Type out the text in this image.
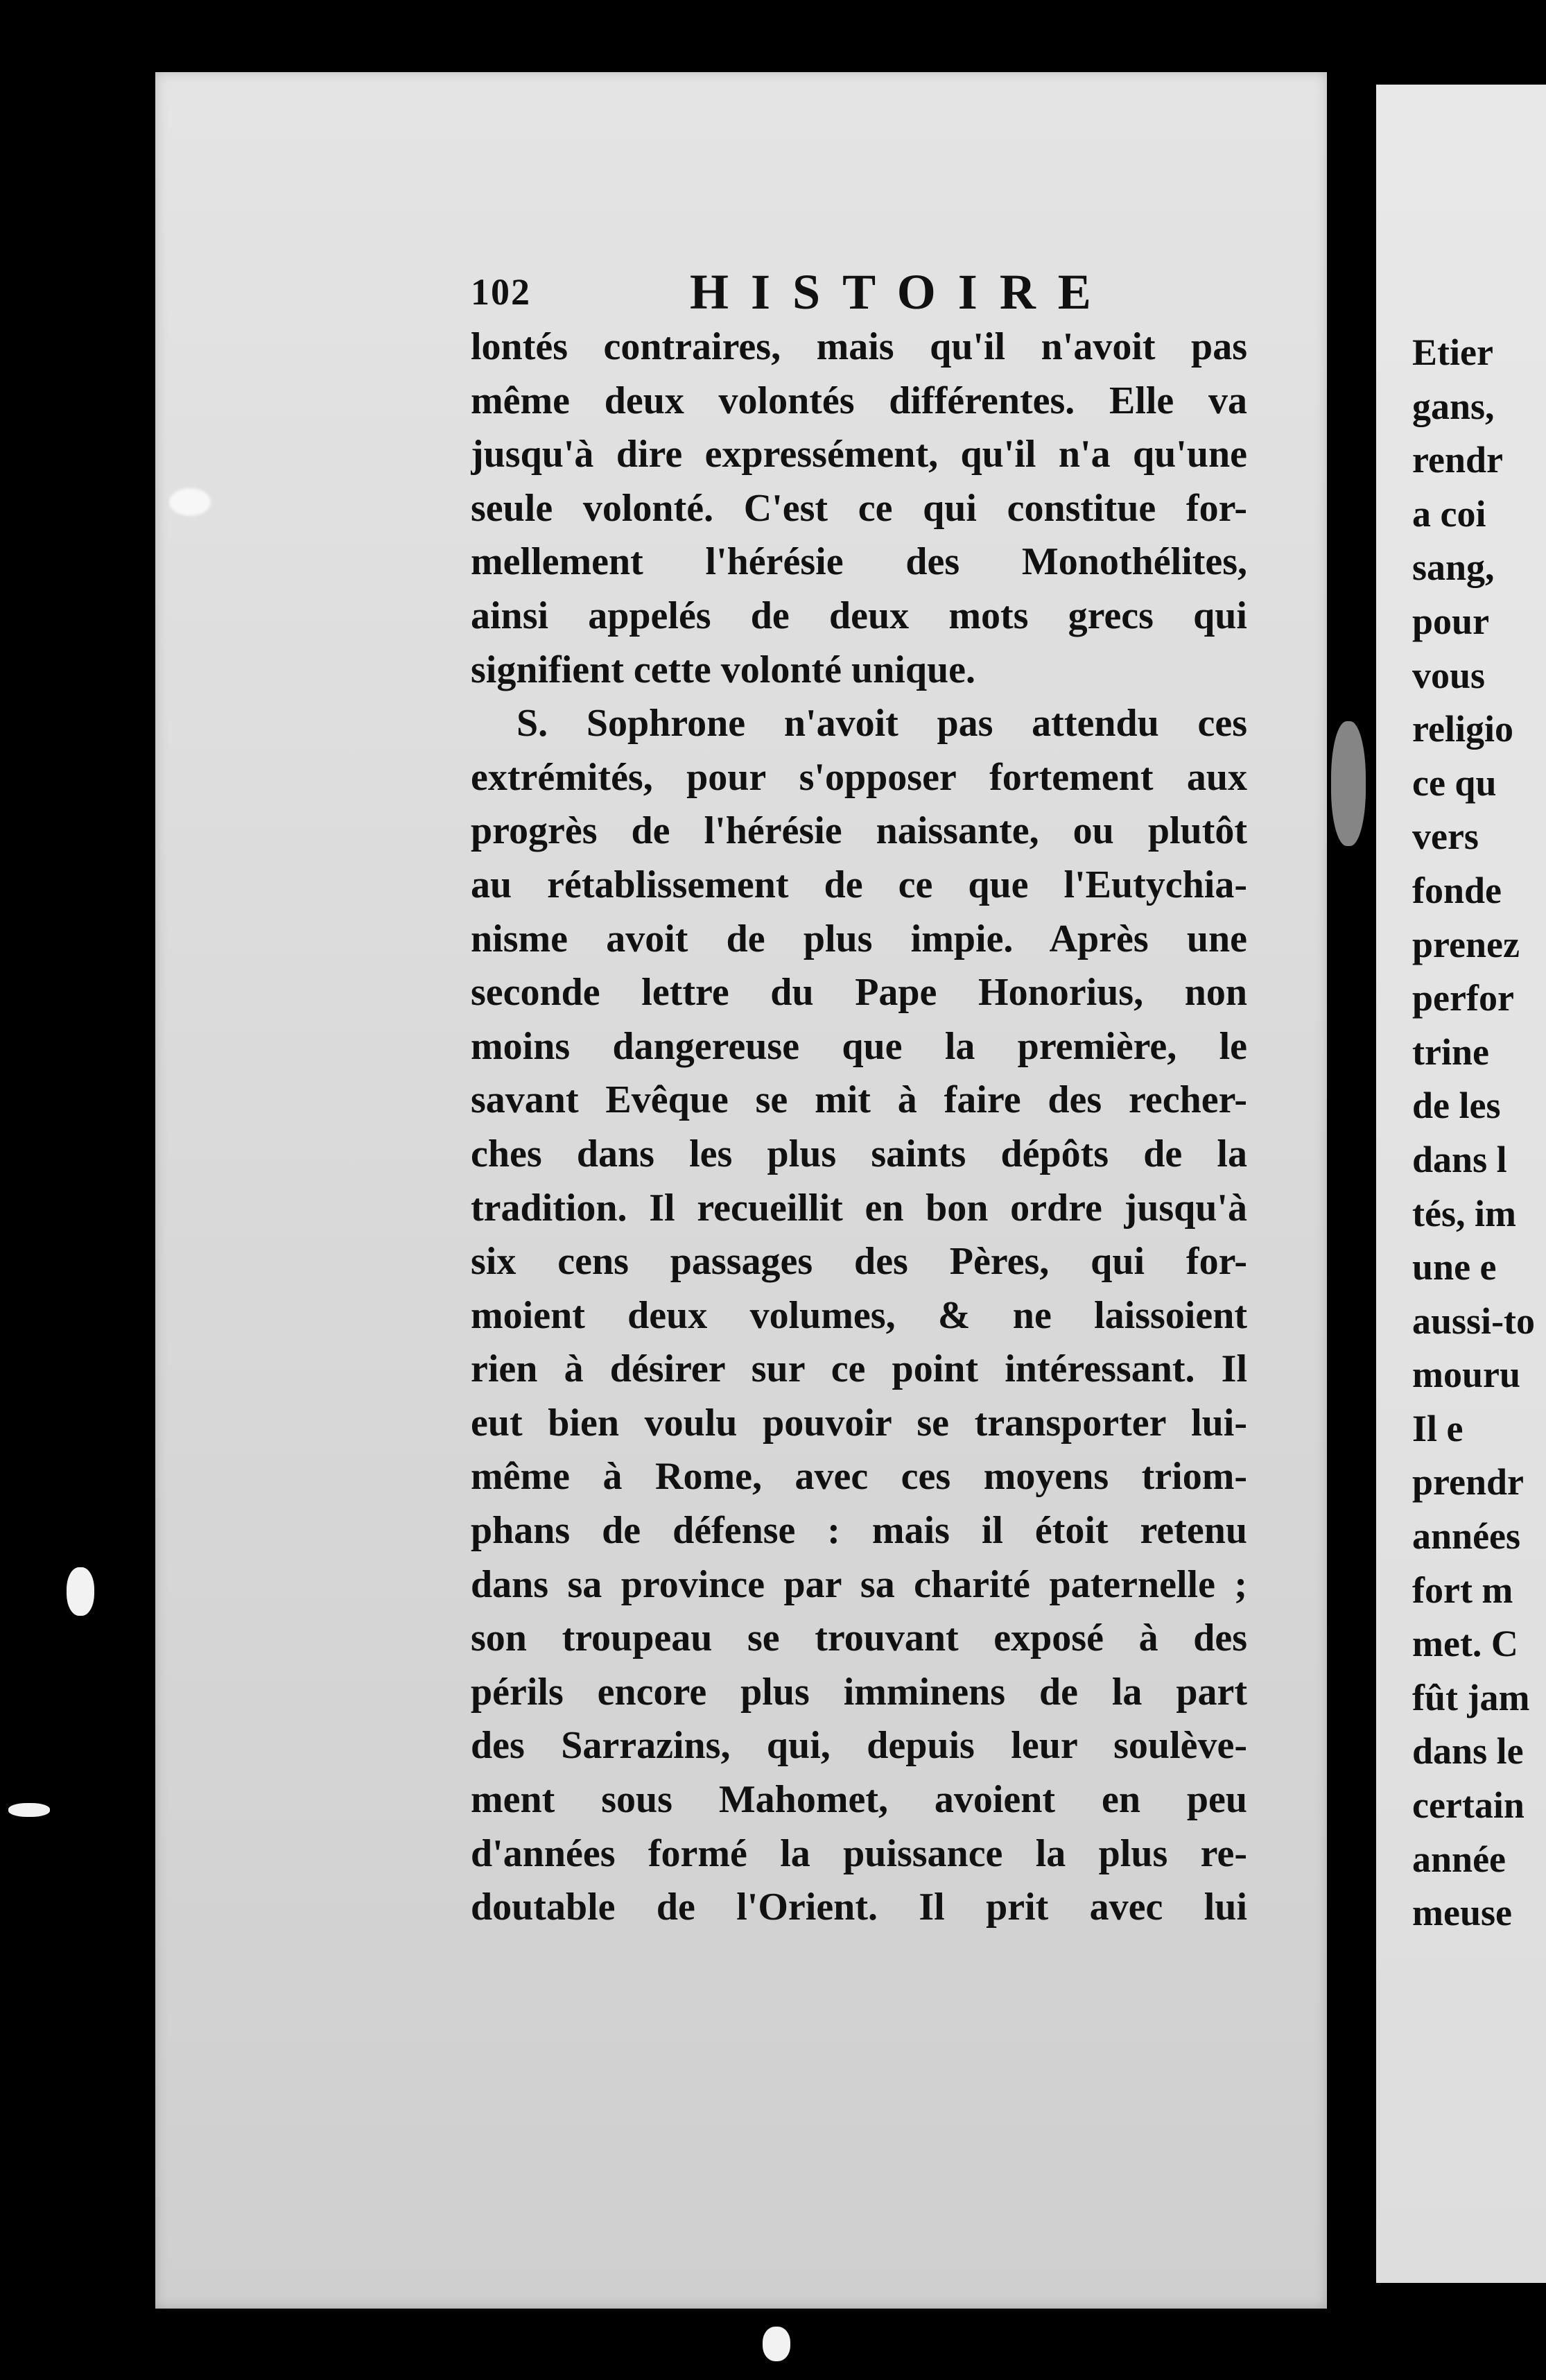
102	HISTOIRE
lontés contraires, mais qu'il n'avoit pas
même deux volontés différentes. Elle va
jusqu'à dire expressément, qu'il n'a qu'une
seule volonté. C'est ce qui constitue for-
mellement l'hérésie des Monothélites,
ainsi appelés de deux mots grecs qui
signifient cette volonté unique.
S. Sophrone n'avoit pas attendu ces
extrémités, pour s'opposer fortement aux
progrès de l'hérésie naissante, ou plutôt
au rétablissement de ce que l'Eutychia-
nisme avoit de plus impie. Après une
seconde lettre du Pape Honorius, non
moins dangereuse que la première, le
savant Evêque se mit à faire des recher-
ches dans les plus saints dépôts de la
tradition. Il recueillit en bon ordre jusqu'à
six cens passages des Pères, qui for-
moient deux volumes, & ne laissoient
rien à désirer sur ce point intéressant. Il
eut bien voulu pouvoir se transporter lui-
même à Rome, avec ces moyens triom-
phans de défense : mais il étoit retenu
dans sa province par sa charité paternelle ;
son troupeau se trouvant exposé à des
périls encore plus imminens de la part
des Sarrazins, qui, depuis leur soulève-
ment sous Mahomet, avoient en peu
d'années formé la puissance la plus re-
doutable de l'Orient. Il prit avec lui
Etier
gans,
rendr
a coi
sang,
pour
vous
religio
ce qu
vers
fonde
prenez
perfor
trine
de les
dans l
tés, im
une e
aussi-to
mouru
Il e
prendr
années
fort m
met. C
fût jam
dans le
certain
année
meuse
